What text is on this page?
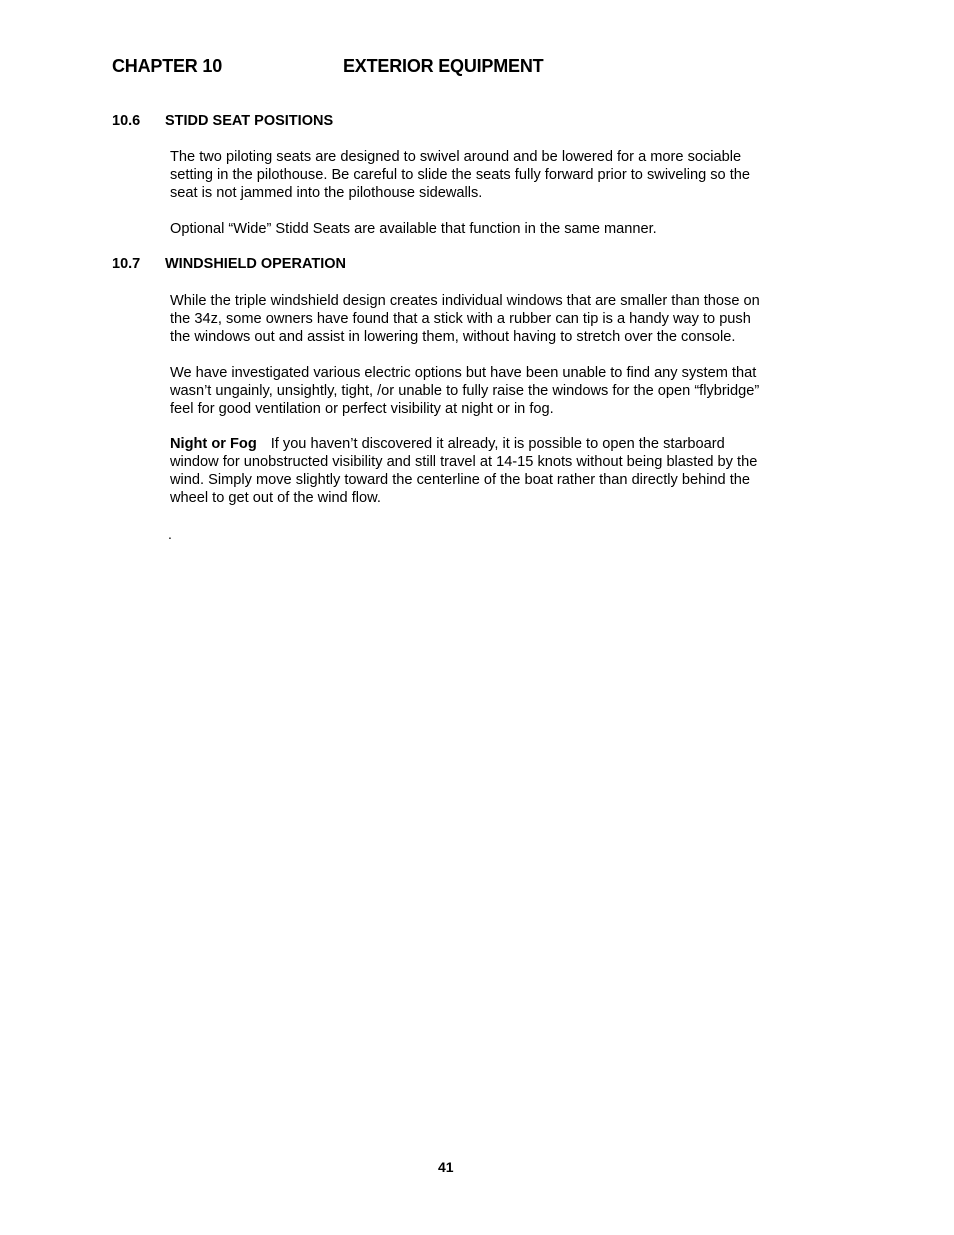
CHAPTER 10	EXTERIOR EQUIPMENT
10.6 STIDD SEAT POSITIONS
The two piloting seats are designed to swivel around and be lowered for a more sociable
setting in the pilothouse. Be careful to slide the seats fully forward prior to swiveling so the
seat is not jammed into the pilothouse sidewalls.
Optional “Wide” Stidd Seats are available that function in the same manner.
10.7 WINDSHIELD OPERATION
While the triple windshield design creates individual windows that are smaller than those on
the 34z, some owners have found that a stick with a rubber can tip is a handy way to push
the windows out and assist in lowering them, without having to stretch over the console.
We have investigated various electric options but have been unable to find any system that
wasn’t ungainly, unsightly, tight, /or unable to fully raise the windows for the open “flybridge”
feel for good ventilation or perfect visibility at night or in fog.
Night or Fog If you haven’t discovered it already, it is possible to open the starboard
window for unobstructed visibility and still travel at 14-15 knots without being blasted by the
wind. Simply move slightly toward the centerline of the boat rather than directly behind the
wheel to get out of the wind flow.
.
41
